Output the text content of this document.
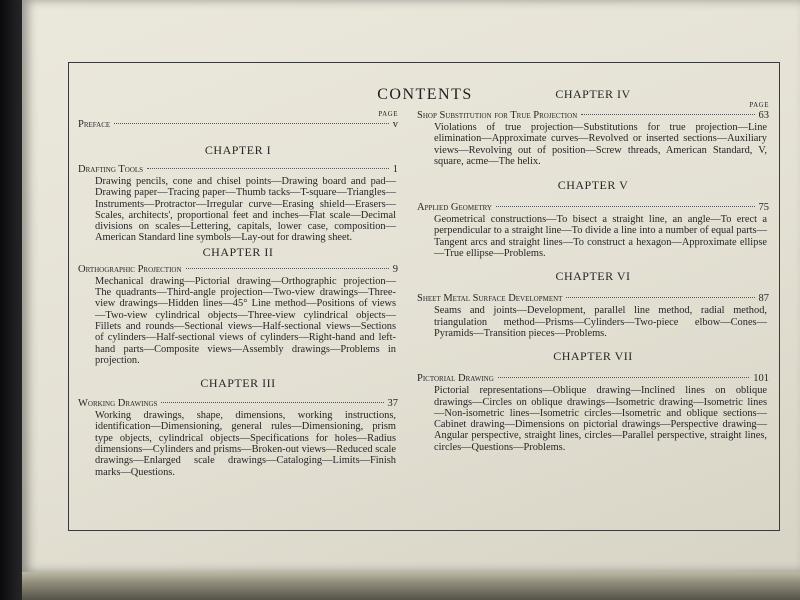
CONTENTS
PAGE
Preface	v
CHAPTER I
Drafting Tools	1
Drawing pencils, cone and chisel points—Drawing board and pad—Drawing paper—Tracing paper—Thumb tacks—T-square—Triangles—Instruments—Protractor—Irregular curve—Erasing shield—Erasers—Scales, architects', proportional feet and inches—Flat scale—Decimal divisions on scales—Lettering, capitals, lower case, composition—American Standard line symbols—Lay-out for drawing sheet.
CHAPTER II
Orthographic Projection	9
Mechanical drawing—Pictorial drawing—Orthographic projection—The quadrants—Third-angle projection—Two-view drawings—Three-view drawings—Hidden lines—45° Line method—Positions of views—Two-view cylindrical objects—Three-view cylindrical objects—Fillets and rounds—Sectional views—Half-sectional views—Sections of cylinders—Half-sectional views of cylinders—Right-hand and left-hand parts—Composite views—Assembly drawings—Problems in projection.
CHAPTER III
Working Drawings	37
Working drawings, shape, dimensions, working instructions, identification—Dimensioning, general rules—Dimensioning, prism type objects, cylindrical objects—Specifications for holes—Radius dimensions—Cylinders and prisms—Broken-out views—Reduced scale drawings—Enlarged scale drawings—Cataloging—Limits—Finish marks—Questions.
CHAPTER IV
PAGE
Shop Substitution for True Projection	63
Violations of true projection—Substitutions for true projection—Line elimination—Approximate curves—Revolved or inserted sections—Auxiliary views—Revolving out of position—Screw threads, American Standard, V, square, acme—The helix.
CHAPTER V
Applied Geometry	75
Geometrical constructions—To bisect a straight line, an angle—To erect a perpendicular to a straight line—To divide a line into a number of equal parts—Tangent arcs and straight lines—To construct a hexagon—Approximate ellipse—True ellipse—Problems.
CHAPTER VI
Sheet Metal Surface Development	87
Seams and joints—Development, parallel line method, radial method, triangulation method—Prisms—Cylinders—Two-piece elbow—Cones—Pyramids—Transition pieces—Problems.
CHAPTER VII
Pictorial Drawing	101
Pictorial representations—Oblique drawing—Inclined lines on oblique drawings—Circles on oblique drawings—Isometric drawing—Isometric lines—Non-isometric lines—Isometric circles—Isometric and oblique sections—Cabinet drawing—Dimensions on pictorial drawings—Perspective drawing—Angular perspective, straight lines, circles—Parallel perspective, straight lines, circles—Questions—Problems.
